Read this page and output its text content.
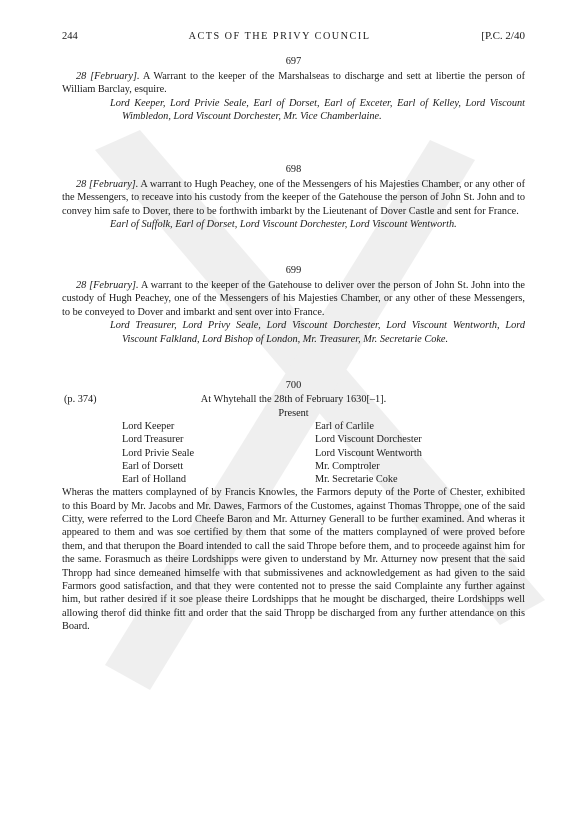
244	ACTS OF THE PRIVY COUNCIL	[P.C. 2/40
697

28 [February]. A Warrant to the keeper of the Marshalseas to discharge and sett at libertie the person of William Barclay, esquire.

Lord Keeper, Lord Privie Seale, Earl of Dorset, Earl of Exceter, Earl of Kelley, Lord Viscount Wimbledon, Lord Viscount Dorchester, Mr. Vice Chamberlaine.

698

28 [February]. A warrant to Hugh Peachey, one of the Messengers of his Majesties Chamber, or any other of the Messengers, to receave into his custody from the keeper of the Gatehouse the person of John St. John and to convey him safe to Dover, there to be forthwith imbarkt by the Lieutenant of Dover Castle and sent for France.

Earl of Suffolk, Earl of Dorset, Lord Viscount Dorchester, Lord Viscount Wentworth.

699

28 [February]. A warrant to the keeper of the Gatehouse to deliver over the person of John St. John into the custody of Hugh Peachey, one of the Messengers of his Majesties Chamber, or any other of these Messengers, to be conveyed to Dover and imbarkt and sent over into France.

Lord Treasurer, Lord Privy Seale, Lord Viscount Dorchester, Lord Viscount Wentworth, Lord Viscount Falkland, Lord Bishop of London, Mr. Treasurer, Mr. Secretarie Coke.

700
(p. 374)	At Whytehall the 28th of February 1630[–1].
Present
Lord Keeper	Earl of Carlile
Lord Treasurer	Lord Viscount Dorchester
Lord Privie Seale	Lord Viscount Wentworth
Earl of Dorsett	Mr. Comptroler
Earl of Holland	Mr. Secretarie Coke

Wheras the matters complayned of by Francis Knowles, the Farmors deputy of the Porte of Chester, exhibited to this Board by Mr. Jacobs and Mr. Dawes, Farmors of the Customes, against Thomas Throppe, one of the said Citty, were referred to the Lord Cheefe Baron and Mr. Atturney Generall to be further examined. And wheras it appeared to them and was soe certified by them that some of the matters complayned of were proved before them, and that therupon the Board intended to call the said Thrope before them, and to proceede against him for the same. Forasmuch as theire Lordshipps were given to understand by Mr. Atturney now present that the said Thropp had since demeaned himselfe with that submissivenes and acknowledgement as had given to the said Farmors good satisfaction, and that they were contented not to presse the said Complainte any further against him, but rather desired if it soe please theire Lordshipps that he mought be discharged, theire Lordshipps well allowing therof did thinke fitt and order that the said Thropp be discharged from any further attendance on this Board.
